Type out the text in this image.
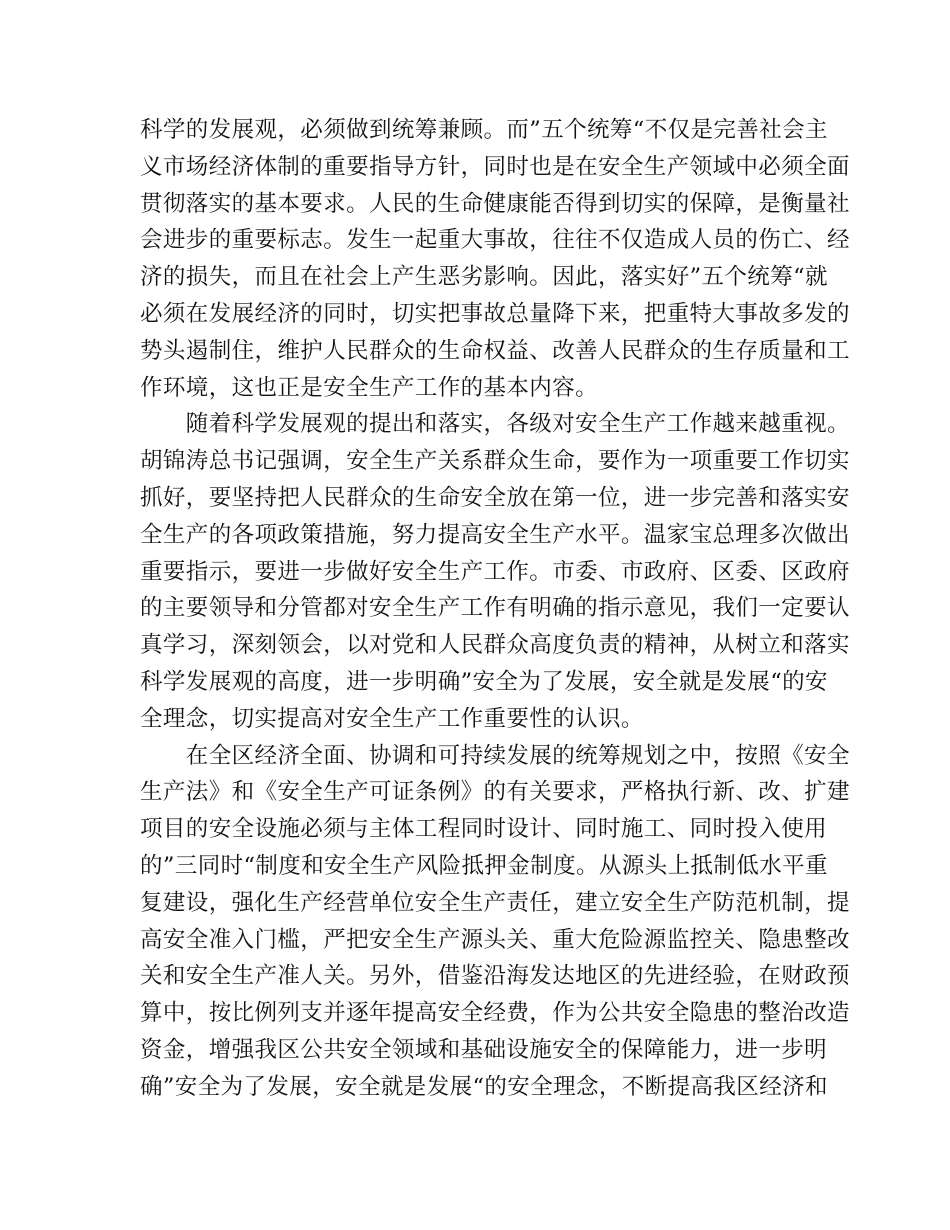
科学的发展观，必须做到统筹兼顾。而”五个统筹“不仅是完善社会主
义市场经济体制的重要指导方针，同时也是在安全生产领域中必须全面
贯彻落实的基本要求。人民的生命健康能否得到切实的保障，是衡量社
会进步的重要标志。发生一起重大事故，往往不仅造成人员的伤亡、经
济的损失，而且在社会上产生恶劣影响。因此，落实好”五个统筹“就
必须在发展经济的同时，切实把事故总量降下来，把重特大事故多发的
势头遏制住，维护人民群众的生命权益、改善人民群众的生存质量和工
作环境，这也正是安全生产工作的基本内容。
　　随着科学发展观的提出和落实，各级对安全生产工作越来越重视。
胡锦涛总书记强调，安全生产关系群众生命，要作为一项重要工作切实
抓好，要坚持把人民群众的生命安全放在第一位，进一步完善和落实安
全生产的各项政策措施，努力提高安全生产水平。温家宝总理多次做出
重要指示，要进一步做好安全生产工作。市委、市政府、区委、区政府
的主要领导和分管都对安全生产工作有明确的指示意见，我们一定要认
真学习，深刻领会，以对党和人民群众高度负责的精神，从树立和落实
科学发展观的高度，进一步明确”安全为了发展，安全就是发展“的安
全理念，切实提高对安全生产工作重要性的认识。
　　在全区经济全面、协调和可持续发展的统筹规划之中，按照《安全
生产法》和《安全生产可证条例》的有关要求，严格执行新、改、扩建
项目的安全设施必须与主体工程同时设计、同时施工、同时投入使用
的”三同时“制度和安全生产风险抵押金制度。从源头上抵制低水平重
复建设，强化生产经营单位安全生产责任，建立安全生产防范机制，提
高安全准入门槛，严把安全生产源头关、重大危险源监控关、隐患整改
关和安全生产准人关。另外，借鉴沿海发达地区的先进经验，在财政预
算中，按比例列支并逐年提高安全经费，作为公共安全隐患的整治改造
资金，增强我区公共安全领域和基础设施安全的保障能力，进一步明
确”安全为了发展，安全就是发展“的安全理念，不断提高我区经济和
